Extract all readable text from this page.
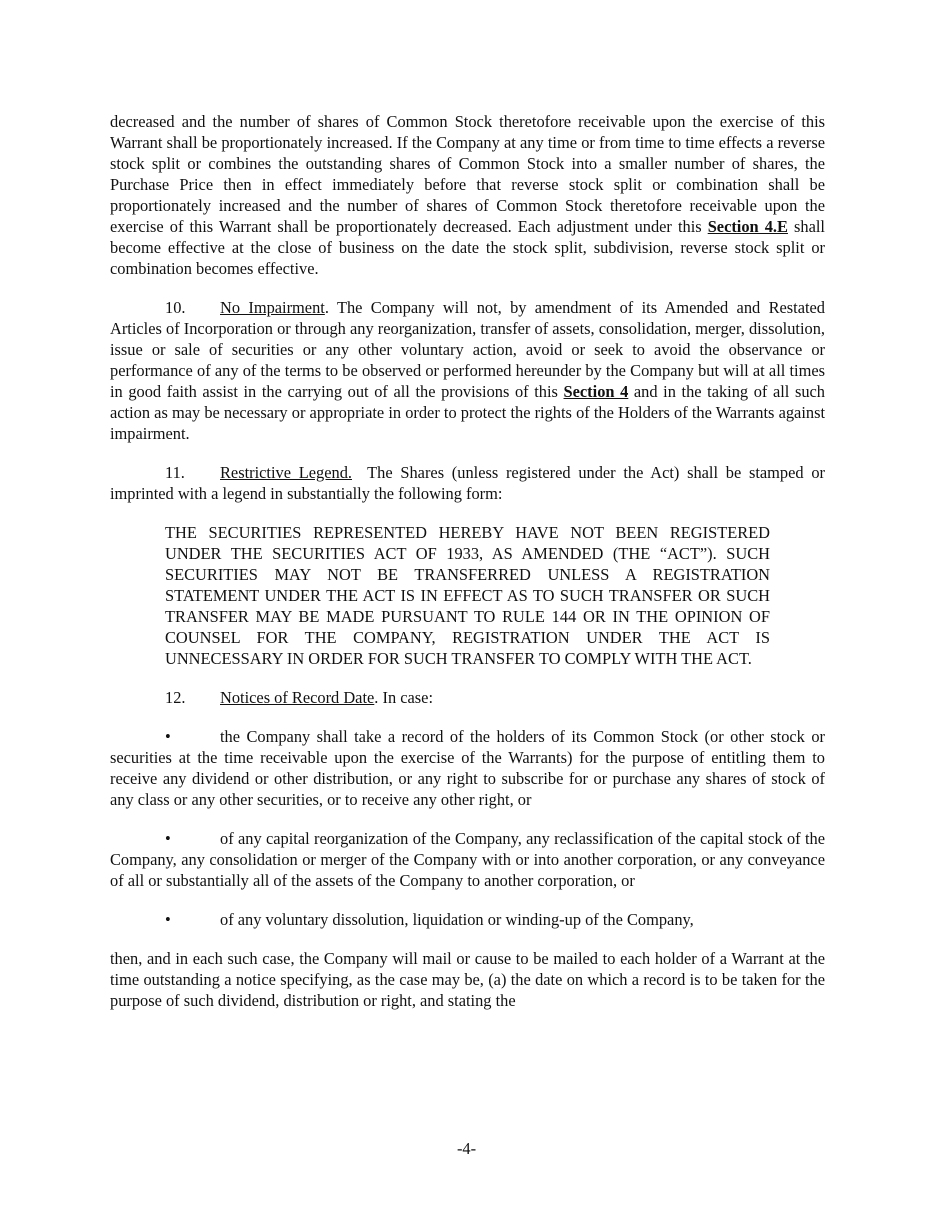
decreased and the number of shares of Common Stock theretofore receivable upon the exercise of this Warrant shall be proportionately increased. If the Company at any time or from time to time effects a reverse stock split or combines the outstanding shares of Common Stock into a smaller number of shares, the Purchase Price then in effect immediately before that reverse stock split or combination shall be proportionately increased and the number of shares of Common Stock theretofore receivable upon the exercise of this Warrant shall be proportionately decreased. Each adjustment under this Section 4.E shall become effective at the close of business on the date the stock split, subdivision, reverse stock split or combination becomes effective.

10. No Impairment. The Company will not, by amendment of its Amended and Restated Articles of Incorporation or through any reorganization, transfer of assets, consolidation, merger, dissolution, issue or sale of securities or any other voluntary action, avoid or seek to avoid the observance or performance of any of the terms to be observed or performed hereunder by the Company but will at all times in good faith assist in the carrying out of all the provisions of this Section 4 and in the taking of all such action as may be necessary or appropriate in order to protect the rights of the Holders of the Warrants against impairment.

11. Restrictive Legend.  The Shares (unless registered under the Act) shall be stamped or imprinted with a legend in substantially the following form:

THE SECURITIES REPRESENTED HEREBY HAVE NOT BEEN REGISTERED UNDER THE SECURITIES ACT OF 1933, AS AMENDED (THE “ACT”). SUCH SECURITIES MAY NOT BE TRANSFERRED UNLESS A REGISTRATION STATEMENT UNDER THE ACT IS IN EFFECT AS TO SUCH TRANSFER OR SUCH TRANSFER MAY BE MADE PURSUANT TO RULE 144 OR IN THE OPINION OF COUNSEL FOR THE COMPANY, REGISTRATION UNDER THE ACT IS UNNECESSARY IN ORDER FOR SUCH TRANSFER TO COMPLY WITH THE ACT.

12. Notices of Record Date. In case:

•	the Company shall take a record of the holders of its Common Stock (or other stock or securities at the time receivable upon the exercise of the Warrants) for the purpose of entitling them to receive any dividend or other distribution, or any right to subscribe for or purchase any shares of stock of any class or any other securities, or to receive any other right, or

•	of any capital reorganization of the Company, any reclassification of the capital stock of the Company, any consolidation or merger of the Company with or into another corporation, or any conveyance of all or substantially all of the assets of the Company to another corporation, or

•	of any voluntary dissolution, liquidation or winding-up of the Company,

then, and in each such case, the Company will mail or cause to be mailed to each holder of a Warrant at the time outstanding a notice specifying, as the case may be, (a) the date on which a record is to be taken for the purpose of such dividend, distribution or right, and stating the

-4-
